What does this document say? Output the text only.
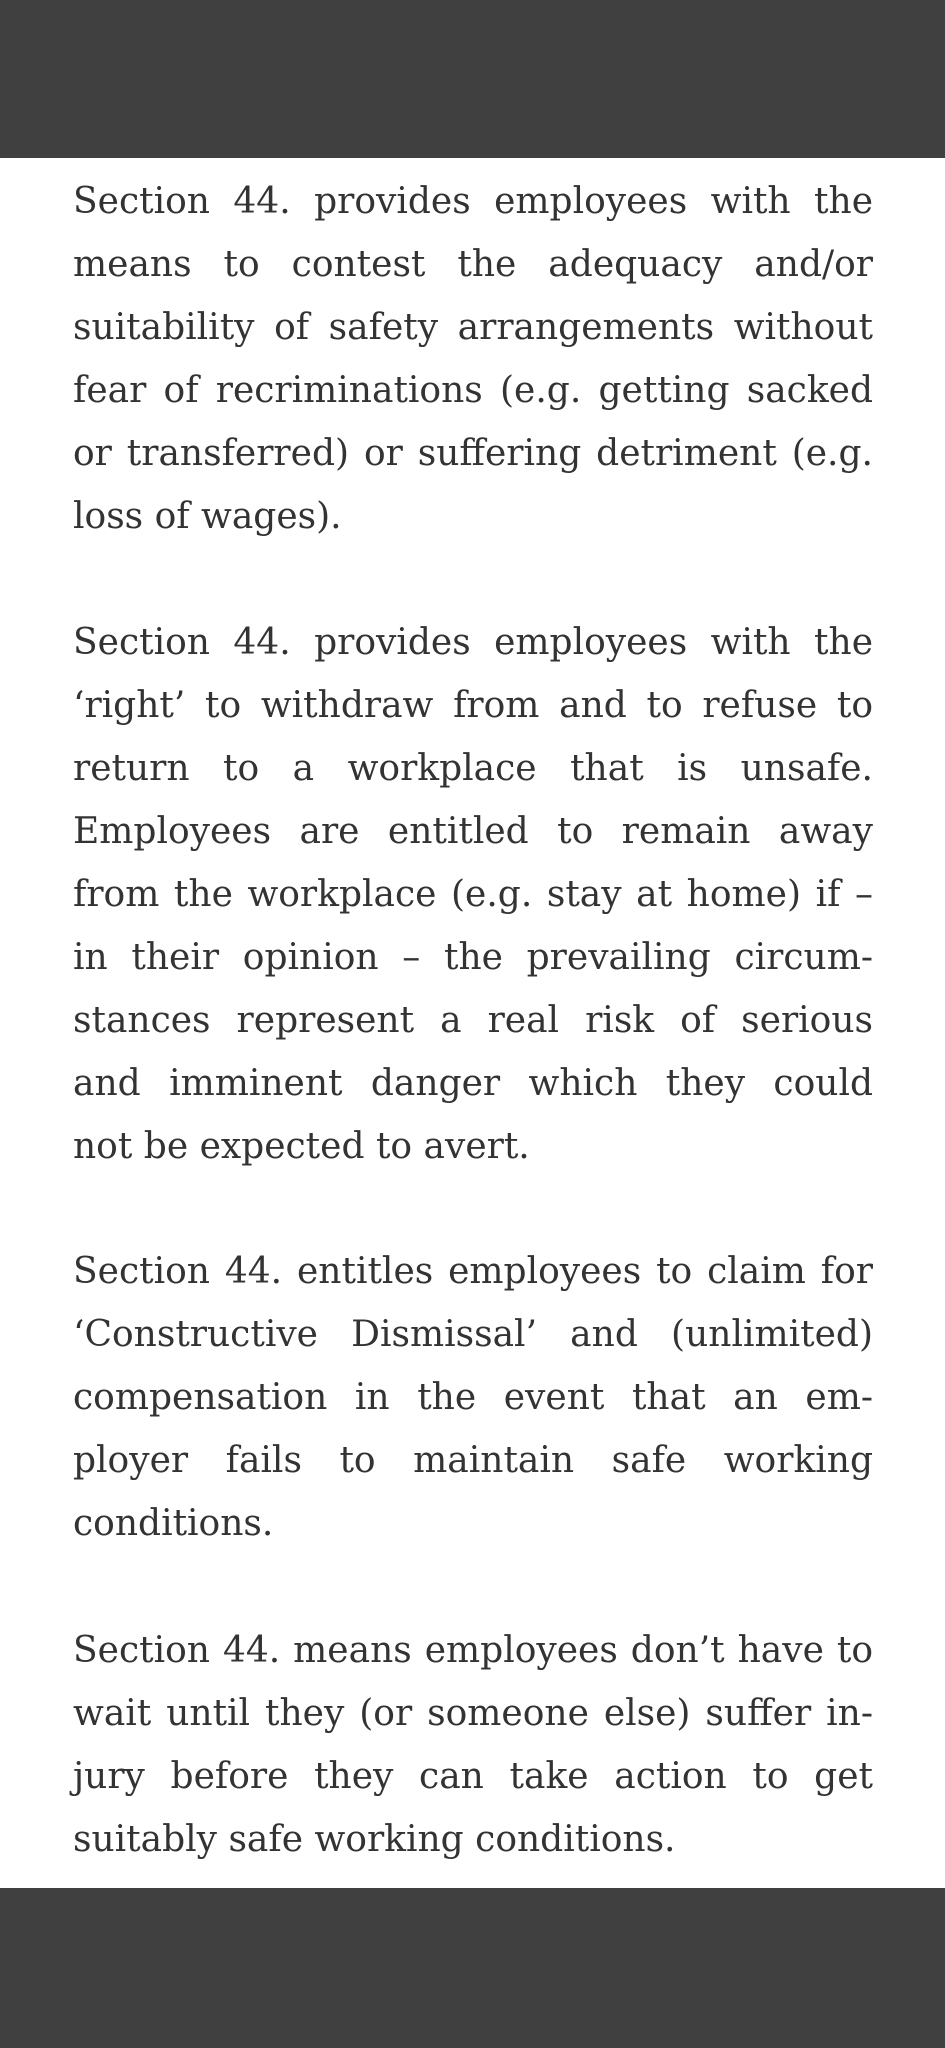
Section 44. provides employees with the
means to contest the adequacy and/or
suitability of safety arrangements without
fear of recriminations (e.g. getting sacked
or transferred) or suffering detriment (e.g.
loss of wages).
Section 44. provides employees with the
‘right’ to withdraw from and to refuse to
return to a workplace that is unsafe.
Employees are entitled to remain away
from the workplace (e.g. stay at home) if –
in their opinion – the prevailing circum-
stances represent a real risk of serious
and imminent danger which they could
not be expected to avert.
Section 44. entitles employees to claim for
‘Constructive Dismissal’ and (unlimited)
compensation in the event that an em-
ployer fails to maintain safe working
conditions.
Section 44. means employees don’t have to
wait until they (or someone else) suffer in-
jury before they can take action to get
suitably safe working conditions.
